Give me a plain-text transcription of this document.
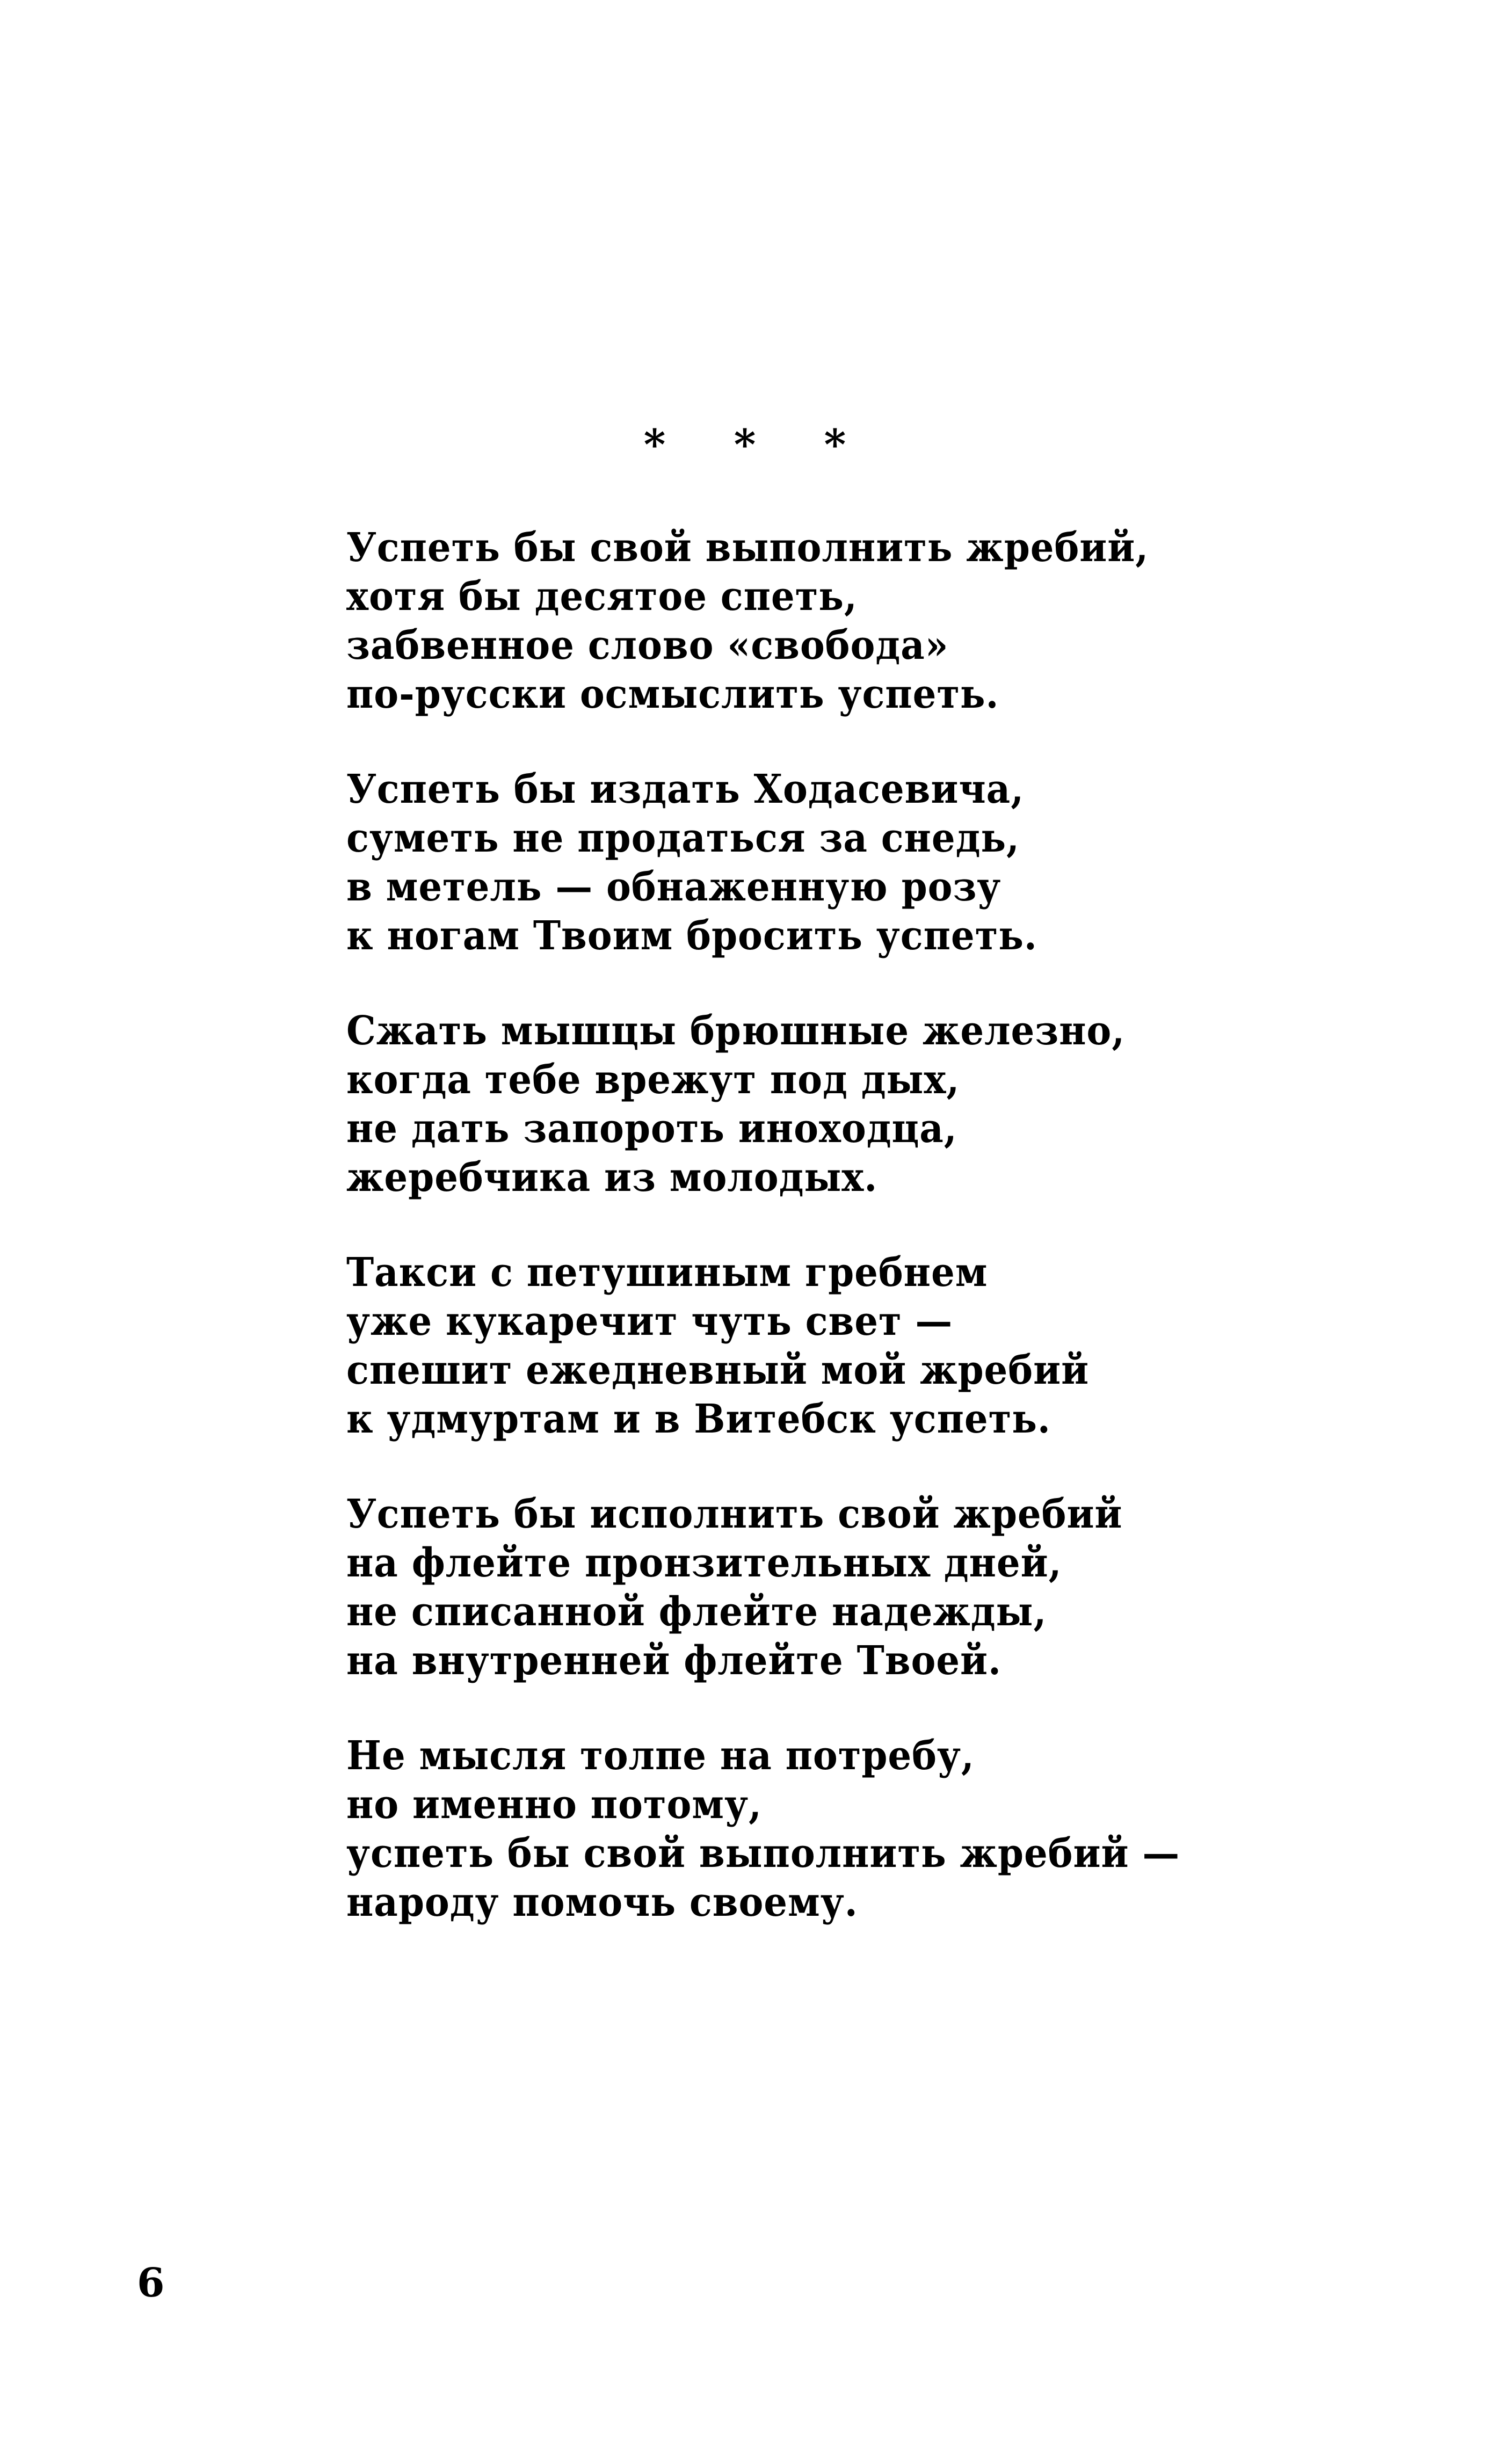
* * *
Успеть бы свой выполнить жребий,
хотя бы десятое спеть,
забвенное слово «свобода»
по-русски осмыслить успеть.
Успеть бы издать Ходасевича,
суметь не продаться за снедь,
в метель — обнаженную розу
к ногам Твоим бросить успеть.
Сжать мышцы брюшные железно,
когда тебе врежут под дых,
не дать запороть иноходца,
жеребчика из молодых.
Такси с петушиным гребнем
уже кукаречит чуть свет —
спешит ежедневный мой жребий
к удмуртам и в Витебск успеть.
Успеть бы исполнить свой жребий
на флейте пронзительных дней,
не списанной флейте надежды,
на внутренней флейте Твоей.
Не мысля толпе на потребу,
но именно потому,
успеть бы свой выполнить жребий —
народу помочь своему.
6
